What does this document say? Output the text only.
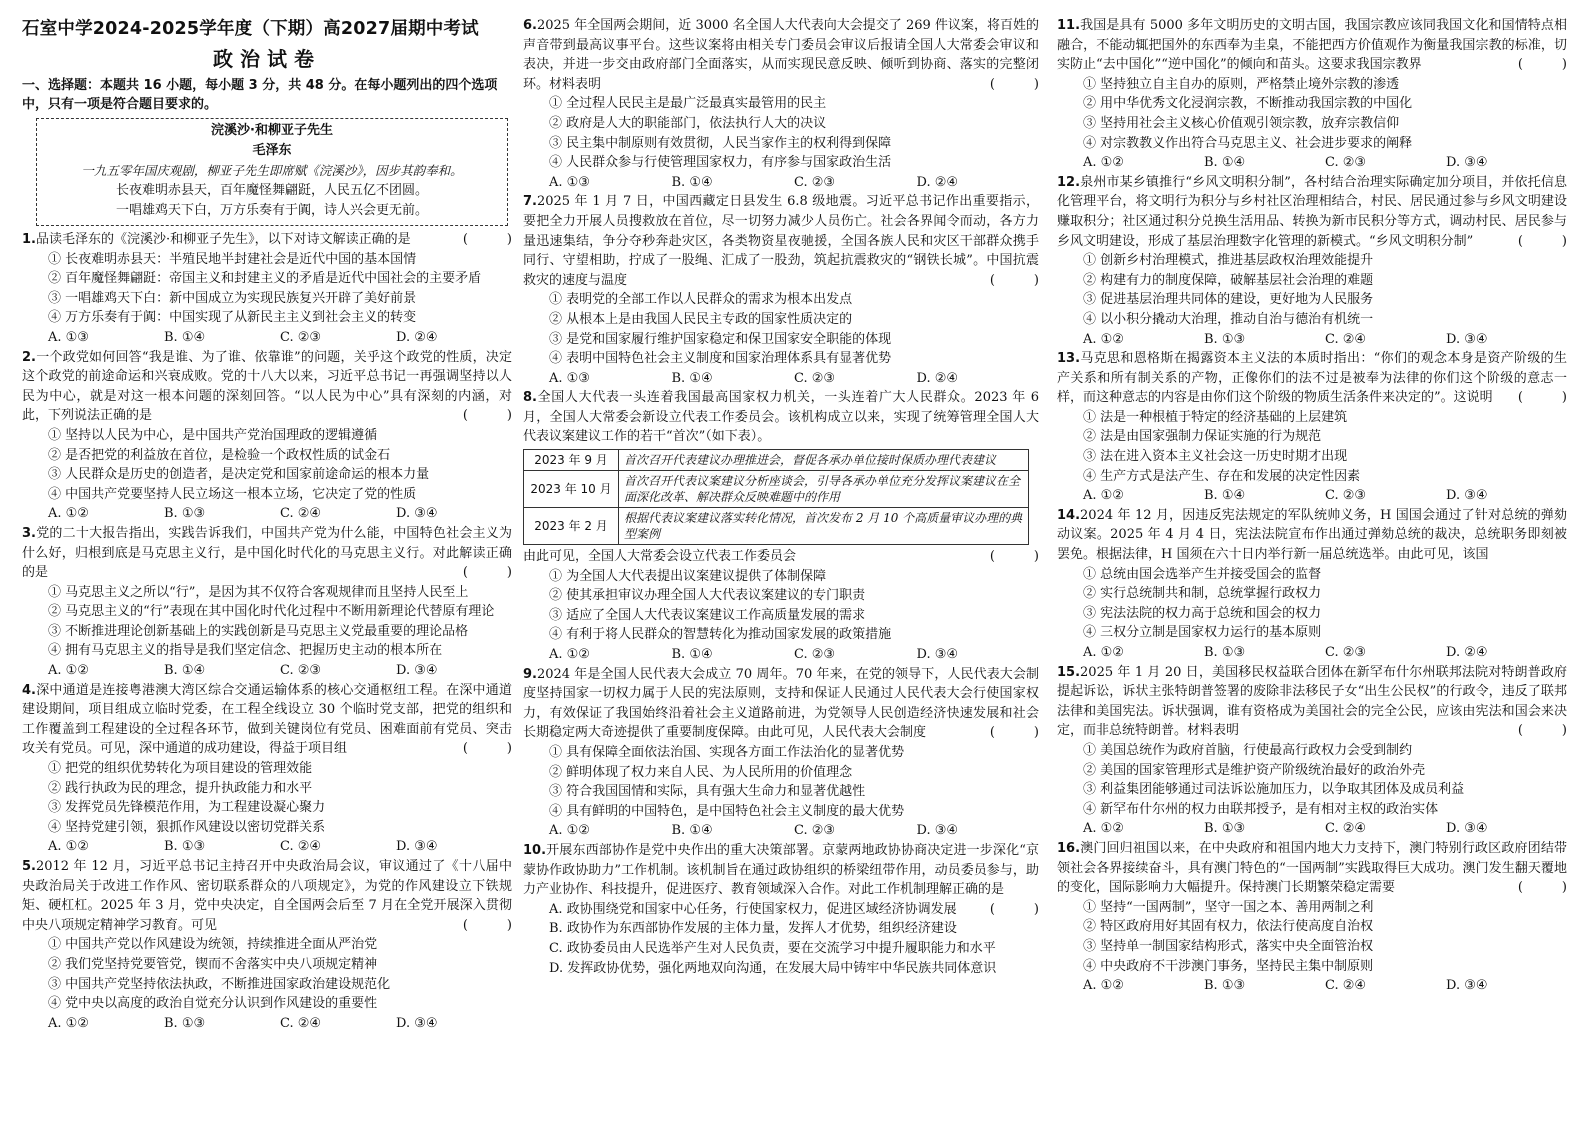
石室中学2024-2025学年度（下期）高2027届期中考试
政治试卷
一、选择题：本题共 16 小题，每小题 3 分，共 48 分。在每小题列出的四个选项中，只有一项是符合题目要求的。
浣溪沙·和柳亚子先生
毛泽东
一九五零年国庆观剧，柳亚子先生即席赋《浣溪沙》，因步其韵奉和。
长夜难明赤县天，百年魔怪舞翩跹，人民五亿不团圆。
一唱雄鸡天下白，万方乐奏有于阗，诗人兴会更无前。

1.品读毛泽东的《浣溪沙·和柳亚子先生》，以下对诗文解读正确的是	(　　　)

① 长夜难明赤县天：半殖民地半封建社会是近代中国的基本国情

② 百年魔怪舞翩跹：帝国主义和封建主义的矛盾是近代中国社会的主要矛盾

③ 一唱雄鸡天下白：新中国成立为实现民族复兴开辟了美好前景

④ 万方乐奏有于阗：中国实现了从新民主主义到社会主义的转变

A. ①③	B. ①④	C. ②③	D. ②④

2.一个政党如何回答“我是谁、为了谁、依靠谁”的问题，关乎这个政党的性质，决定这个政党的前途命运和兴衰成败。党的十八大以来，习近平总书记一再强调坚持以人民为中心，就是对这一根本问题的深刻回答。“以人民为中心”具有深刻的内涵，对此，下列说法正确的是	(　　　)

① 坚持以人民为中心，是中国共产党治国理政的逻辑遵循

② 是否把党的利益放在首位，是检验一个政权性质的试金石

③ 人民群众是历史的创造者，是决定党和国家前途命运的根本力量

④ 中国共产党要坚持人民立场这一根本立场，它决定了党的性质

A. ①②	B. ①③	C. ②④	D. ③④

3.党的二十大报告指出，实践告诉我们，中国共产党为什么能，中国特色社会主义为什么好，归根到底是马克思主义行，是中国化时代化的马克思主义行。对此解读正确的是	(　　　)

① 马克思主义之所以“行”，是因为其不仅符合客观规律而且坚持人民至上

② 马克思主义的“行”表现在其中国化时代化过程中不断用新理论代替原有理论

③ 不断推进理论创新基础上的实践创新是马克思主义党最重要的理论品格

④ 拥有马克思主义的指导是我们坚定信念、把握历史主动的根本所在

A. ①②	B. ①④	C. ②③	D. ③④

4.深中通道是连接粤港澳大湾区综合交通运输体系的核心交通枢纽工程。在深中通道建设期间，项目组成立临时党委，在工程全线设立 30 个临时党支部，把党的组织和工作覆盖到工程建设的全过程各环节，做到关键岗位有党员、困难面前有党员、突击攻关有党员。可见，深中通道的成功建设，得益于项目组	(　　　)

① 把党的组织优势转化为项目建设的管理效能

② 践行执政为民的理念，提升执政能力和水平

③ 发挥党员先锋模范作用，为工程建设凝心聚力

④ 坚持党建引领，狠抓作风建设以密切党群关系

A. ①②	B. ①③	C. ②④	D. ③④

5.2012 年 12 月，习近平总书记主持召开中央政治局会议，审议通过了《十八届中央政治局关于改进工作作风、密切联系群众的八项规定》，为党的作风建设立下铁规矩、硬杠杠。2025 年 3 月，党中央决定，自全国两会后至 7 月在全党开展深入贯彻中央八项规定精神学习教育。可见	(　　　)

① 中国共产党以作风建设为统领，持续推进全面从严治党

② 我们党坚持党要管党，锲而不舍落实中央八项规定精神

③ 中国共产党坚持依法执政，不断推进国家政治建设规范化

④ 党中央以高度的政治自觉充分认识到作风建设的重要性

A. ①②	B. ①③	C. ②④	D. ③④

6.2025 年全国两会期间，近 3000 名全国人大代表向大会提交了 269 件议案，将百姓的声音带到最高议事平台。这些议案将由相关专门委员会审议后报请全国人大常委会审议和表决，并进一步交由政府部门全面落实，从而实现民意反映、倾听到协商、落实的完整闭环。材料表明	(　　　)

① 全过程人民民主是最广泛最真实最管用的民主

② 政府是人大的职能部门，依法执行人大的决议

③ 民主集中制原则有效贯彻，人民当家作主的权利得到保障

④ 人民群众参与行使管理国家权力，有序参与国家政治生活

A. ①③	B. ①④	C. ②③	D. ②④

7.2025 年 1 月 7 日，中国西藏定日县发生 6.8 级地震。习近平总书记作出重要指示，要把全力开展人员搜救放在首位，尽一切努力减少人员伤亡。社会各界闻令而动，各方力量迅速集结，争分夺秒奔赴灾区，各类物资星夜驰援，全国各族人民和灾区干部群众携手同行、守望相助，拧成了一股绳、汇成了一股劲，筑起抗震救灾的“钢铁长城”。中国抗震救灾的速度与温度	(　　　)

① 表明党的全部工作以人民群众的需求为根本出发点

② 从根本上是由我国人民民主专政的国家性质决定的

③ 是党和国家履行维护国家稳定和保卫国家安全职能的体现

④ 表明中国特色社会主义制度和国家治理体系具有显著优势

A. ①③	B. ①④	C. ②③	D. ②④

8.全国人大代表一头连着我国最高国家权力机关，一头连着广大人民群众。2023 年 6 月，全国人大常委会新设立代表工作委员会。该机构成立以来，实现了统筹管理全国人大代表议案建议工作的若干“首次”（如下表）。

2023 年 9 月	首次召开代表建议办理推进会，督促各承办单位接时保质办理代表建议
2023 年 10 月	首次召开代表议案建议分析座谈会，引导各承办单位充分发挥议案建议在全面深化改革、解决群众反映难题中的作用
2023 年 2 月	根据代表议案建议落实转化情况，首次发布 2 月 10 个高质量审议办理的典型案例

由此可见，全国人大常委会设立代表工作委员会	(　　　)

① 为全国人大代表提出议案建议提供了体制保障

② 使其承担审议办理全国人大代表议案建议的专门职责

③ 适应了全国人大代表议案建议工作高质量发展的需求

④ 有利于将人民群众的智慧转化为推动国家发展的政策措施

A. ①②	B. ①④	C. ②③	D. ③④

9.2024 年是全国人民代表大会成立 70 周年。70 年来，在党的领导下，人民代表大会制度坚持国家一切权力属于人民的宪法原则，支持和保证人民通过人民代表大会行使国家权力，有效保证了我国始终沿着社会主义道路前进，为党领导人民创造经济快速发展和社会长期稳定两大奇迹提供了重要制度保障。由此可见，人民代表大会制度	(　　　)

① 具有保障全面依法治国、实现各方面工作法治化的显著优势

② 鲜明体现了权力来自人民、为人民所用的价值理念

③ 符合我国国情和实际，具有强大生命力和显著优越性

④ 具有鲜明的中国特色，是中国特色社会主义制度的最大优势

A. ①②	B. ①④	C. ②③	D. ③④

10.开展东西部协作是党中央作出的重大决策部署。京蒙两地政协协商决定进一步深化“京蒙协作政协助力”工作机制。该机制旨在通过政协组织的桥梁纽带作用，动员委员参与，助力产业协作、科技提升，促进医疗、教育领域深入合作。对此工作机制理解正确的是
(　　　)

A. 政协围绕党和国家中心任务，行使国家权力，促进区域经济协调发展

B. 政协作为东西部协作发展的主体力量，发挥人才优势，组织经济建设

C. 政协委员由人民选举产生对人民负责，要在交流学习中提升履职能力和水平

D. 发挥政协优势，强化两地双向沟通，在发展大局中铸牢中华民族共同体意识

11.我国是具有 5000 多年文明历史的文明古国，我国宗教应该同我国文化和国情特点相融合，不能动辄把国外的东西奉为圭臬，不能把西方价值观作为衡量我国宗教的标准，切实防止“去中国化”“逆中国化”的倾向和苗头。这要求我国宗教界	(　　　)

① 坚持独立自主自办的原则，严格禁止境外宗教的渗透

② 用中华优秀文化浸润宗教，不断推动我国宗教的中国化

③ 坚持用社会主义核心价值观引领宗教，放弃宗教信仰

④ 对宗教教义作出符合马克思主义、社会进步要求的阐释

A. ①②	B. ①④	C. ②③	D. ③④

12.泉州市某乡镇推行“乡风文明积分制”，各村结合治理实际确定加分项目，并依托信息化管理平台，将文明行为积分与乡村社区治理相结合，村民、居民通过参与乡风文明建设赚取积分；社区通过积分兑换生活用品、转换为新市民积分等方式，调动村民、居民参与乡风文明建设，形成了基层治理数字化管理的新模式。“乡风文明积分制”	(　　　)

① 创新乡村治理模式，推进基层政权治理效能提升

② 构建有力的制度保障，破解基层社会治理的难题

③ 促进基层治理共同体的建设，更好地为人民服务

④ 以小积分撬动大治理，推动自治与德治有机统一

A. ①②	B. ①③	C. ②④	D. ③④

13.马克思和恩格斯在揭露资本主义法的本质时指出：“你们的观念本身是资产阶级的生产关系和所有制关系的产物，正像你们的法不过是被奉为法律的你们这个阶级的意志一样，而这种意志的内容是由你们这个阶级的物质生活条件来决定的”。这说明 (　　　)

① 法是一种根植于特定的经济基础的上层建筑

② 法是由国家强制力保证实施的行为规范

③ 法在进入资本主义社会这一历史时期才出现

④ 生产方式是法产生、存在和发展的决定性因素

A. ①②	B. ①④	C. ②③	D. ③④

14.2024 年 12 月，因违反宪法规定的军队统帅义务，H 国国会通过了针对总统的弹劾动议案。2025 年 4 月 4 日，宪法法院宣布作出通过弹劾总统的裁决，总统职务即刻被罢免。根据法律，H 国须在六十日内举行新一届总统选举。由此可见，该国

① 总统由国会选举产生并接受国会的监督

② 实行总统制共和制，总统掌握行政权力

③ 宪法法院的权力高于总统和国会的权力

④ 三权分立制是国家权力运行的基本原则

A. ①②	B. ①③	C. ②③	D. ②④

15.2025 年 1 月 20 日，美国移民权益联合团体在新罕布什尔州联邦法院对特朗普政府提起诉讼，诉状主张特朗普签署的废除非法移民子女“出生公民权”的行政令，违反了联邦法律和美国宪法。诉状强调，谁有资格成为美国社会的完全公民，应该由宪法和国会来决定，而非总统特朗普。材料表明	(　　　)

① 美国总统作为政府首脑，行使最高行政权力会受到制约

② 美国的国家管理形式是维护资产阶级统治最好的政治外壳

③ 利益集团能够通过司法诉讼施加压力，以争取其团体及成员利益

④ 新罕布什尔州的权力由联邦授予，是有相对主权的政治实体

A. ①②	B. ①③	C. ②④	D. ③④

16.澳门回归祖国以来，在中央政府和祖国内地大力支持下，澳门特别行政区政府团结带领社会各界接续奋斗，具有澳门特色的“一国两制”实践取得巨大成功。澳门发生翻天覆地的变化，国际影响力大幅提升。保持澳门长期繁荣稳定需要	(　　　)

① 坚持“一国两制”，坚守一国之本、善用两制之利

② 特区政府用好其固有权力，依法行使高度自治权

③ 坚持单一制国家结构形式，落实中央全面管治权

④ 中央政府不干涉澳门事务，坚持民主集中制原则

A. ①②	B. ①③	C. ②④	D. ③④
